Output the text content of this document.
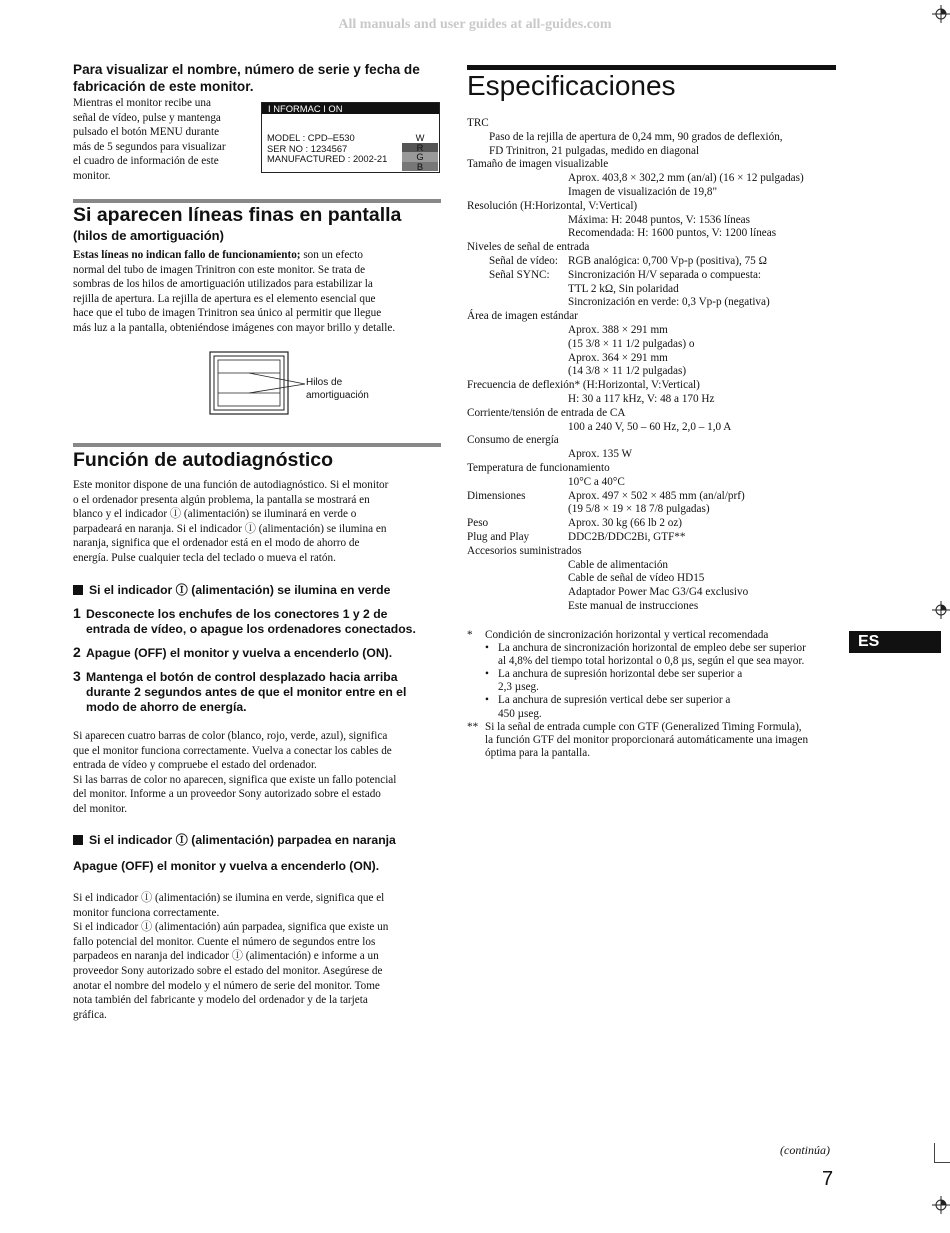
All manuals and user guides at all-guides.com
Para visualizar el nombre, número de serie y fecha de fabricación de este monitor.
Mientras el monitor recibe una
señal de vídeo, pulse y mantenga
pulsado el botón MENU durante
más de 5 segundos para visualizar
el cuadro de información de este
monitor.
I NFORMAC I ON
MODEL : CPD–E530
SER NO : 1234567
MANUFACTURED : 2002-21
W
R
G
B
Si aparecen líneas finas en pantalla
(hilos de amortiguación)
Estas líneas no indican fallo de funcionamiento; son un efecto
normal del tubo de imagen Trinitron con este monitor. Se trata de
sombras de los hilos de amortiguación utilizados para estabilizar la
rejilla de apertura. La rejilla de apertura es el elemento esencial que
hace que el tubo de imagen Trinitron sea único al permitir que llegue
más luz a la pantalla, obteniéndose imágenes con mayor brillo y detalle.
Hilos de
amortiguación
Función de autodiagnóstico
Este monitor dispone de una función de autodiagnóstico. Si el monitor
o el ordenador presenta algún problema, la pantalla se mostrará en
blanco y el indicador Ⓘ (alimentación) se iluminará en verde o
parpadeará en naranja. Si el indicador Ⓘ (alimentación) se ilumina en
naranja, significa que el ordenador está en el modo de ahorro de
energía. Pulse cualquier tecla del teclado o mueva el ratón.
Si el indicador Ⓘ (alimentación) se ilumina en verde
1 Desconecte los enchufes de los conectores 1 y 2 de
entrada de vídeo, o apague los ordenadores conectados.
2 Apague (OFF) el monitor y vuelva a encenderlo (ON).
3 Mantenga el botón de control desplazado hacia arriba
durante 2 segundos antes de que el monitor entre en el
modo de ahorro de energía.
Si aparecen cuatro barras de color (blanco, rojo, verde, azul), significa
que el monitor funciona correctamente. Vuelva a conectar los cables de
entrada de vídeo y compruebe el estado del ordenador.
Si las barras de color no aparecen, significa que existe un fallo potencial
del monitor. Informe a un proveedor Sony autorizado sobre el estado
del monitor.
Si el indicador Ⓘ (alimentación) parpadea en naranja
Apague (OFF) el monitor y vuelva a encenderlo (ON).
Si el indicador Ⓘ (alimentación) se ilumina en verde, significa que el
monitor funciona correctamente.
Si el indicador Ⓘ (alimentación) aún parpadea, significa que existe un
fallo potencial del monitor. Cuente el número de segundos entre los
parpadeos en naranja del indicador Ⓘ (alimentación) e informe a un
proveedor Sony autorizado sobre el estado del monitor. Asegúrese de
anotar el nombre del modelo y el número de serie del monitor. Tome
nota también del fabricante y modelo del ordenador y de la tarjeta
gráfica.
Especificaciones
TRC
Paso de la rejilla de apertura de 0,24 mm, 90 grados de deflexión,
FD Trinitron, 21 pulgadas, medido en diagonal
Tamaño de imagen visualizable
Aprox. 403,8 × 302,2 mm (an/al) (16 × 12 pulgadas)
Imagen de visualización de 19,8"
Resolución (H:Horizontal, V:Vertical)
Máxima: H: 2048 puntos, V: 1536 líneas
Recomendada: H: 1600 puntos, V: 1200 líneas
Niveles de señal de entrada
Señal de vídeo: RGB analógica: 0,700 Vp-p (positiva), 75 Ω
Señal SYNC: Sincronización H/V separada o compuesta:
TTL 2 kΩ, Sin polaridad
Sincronización en verde: 0,3 Vp-p (negativa)
Área de imagen estándar
Aprox. 388 × 291 mm
(15 3/8 × 11 1/2 pulgadas) o
Aprox. 364 × 291 mm
(14 3/8 × 11 1/2 pulgadas)
Frecuencia de deflexión* (H:Horizontal, V:Vertical)
H: 30 a 117 kHz, V: 48 a 170 Hz
Corriente/tensión de entrada de CA
100 a 240 V, 50 – 60 Hz, 2,0 – 1,0 A
Consumo de energía
Aprox. 135 W
Temperatura de funcionamiento
10°C a 40°C
Dimensiones	Aprox. 497 × 502 × 485 mm (an/al/prf)
(19 5/8 × 19 × 18 7/8 pulgadas)
Peso	Aprox. 30 kg (66 lb 2 oz)
Plug and Play	DDC2B/DDC2Bi, GTF**
Accesorios suministrados
Cable de alimentación
Cable de señal de vídeo HD15
Adaptador Power Mac G3/G4 exclusivo
Este manual de instrucciones
* Condición de sincronización horizontal y vertical recomendada
• La anchura de sincronización horizontal de empleo debe ser superior
al 4,8% del tiempo total horizontal o 0,8 µs, según el que sea mayor.
• La anchura de supresión horizontal debe ser superior a
2,3 µseg.
• La anchura de supresión vertical debe ser superior a
450 µseg.
** Si la señal de entrada cumple con GTF (Generalized Timing Formula),
la función GTF del monitor proporcionará automáticamente una imagen
óptima para la pantalla.
ES
(continúa)
7
